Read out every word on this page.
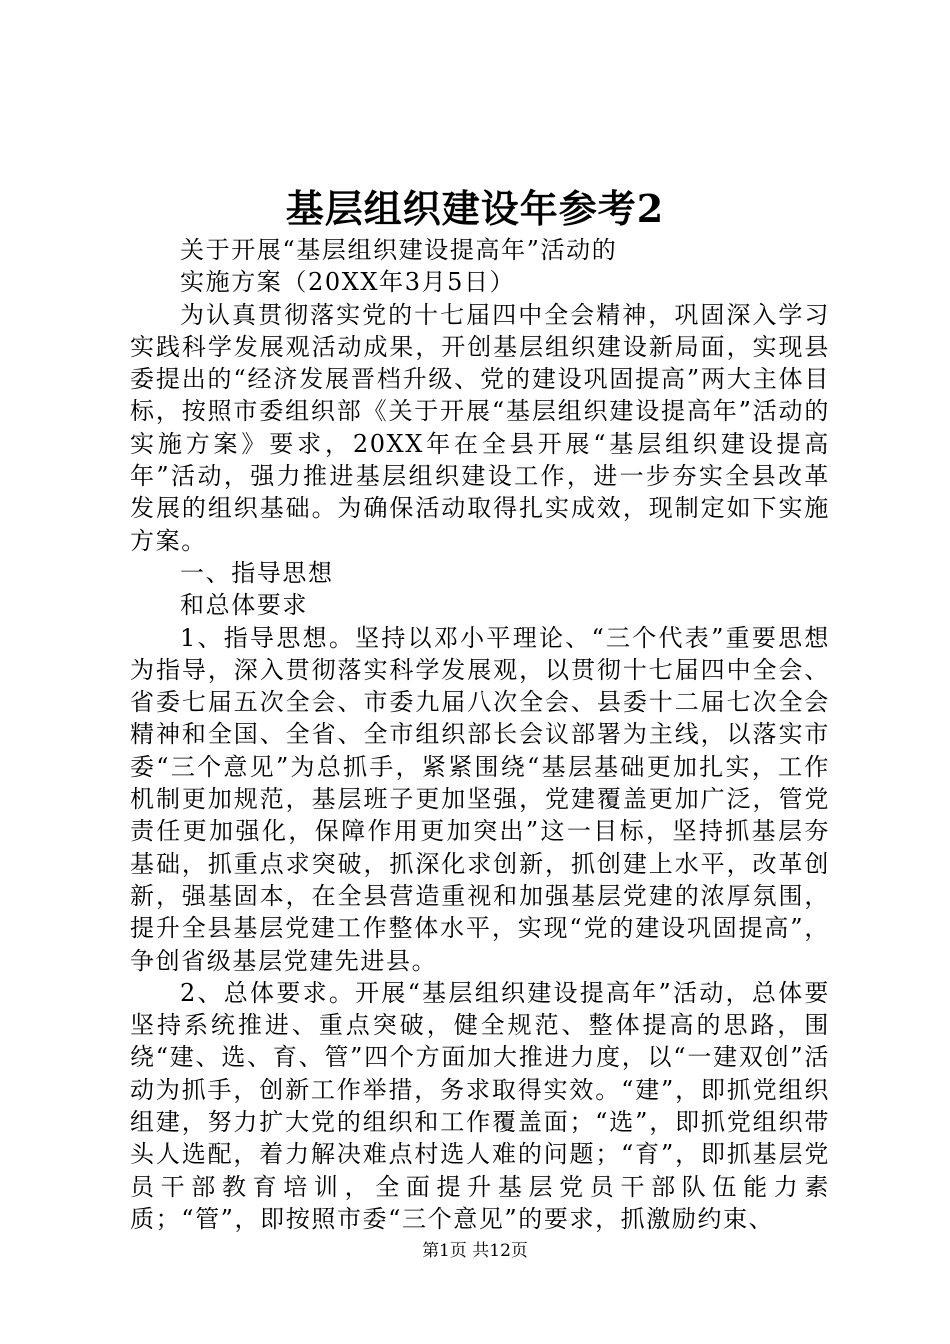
基层组织建设年参考2

关于开展“基层组织建设提高年”活动的

实施方案（20XX年3月5日）

为认真贯彻落实党的十七届四中全会精神，巩固深入学习实践科学发展观活动成果，开创基层组织建设新局面，实现县委提出的“经济发展晋档升级、党的建设巩固提高”两大主体目标，按照市委组织部《关于开展“基层组织建设提高年”活动的实施方案》要求，20XX年在全县开展“基层组织建设提高年”活动，强力推进基层组织建设工作，进一步夯实全县改革发展的组织基础。为确保活动取得扎实成效，现制定如下实施方案。

一、指导思想

和总体要求

1、指导思想。坚持以邓小平理论、“三个代表”重要思想为指导，深入贯彻落实科学发展观，以贯彻十七届四中全会、省委七届五次全会、市委九届八次全会、县委十二届七次全会精神和全国、全省、全市组织部长会议部署为主线，以落实市委“三个意见”为总抓手，紧紧围绕“基层基础更加扎实，工作机制更加规范，基层班子更加坚强，党建覆盖更加广泛，管党责任更加强化，保障作用更加突出”这一目标，坚持抓基层夯基础，抓重点求突破，抓深化求创新，抓创建上水平，改革创新，强基固本，在全县营造重视和加强基层党建的浓厚氛围，提升全县基层党建工作整体水平，实现“党的建设巩固提高”，争创省级基层党建先进县。

2、总体要求。开展“基层组织建设提高年”活动，总体要坚持系统推进、重点突破，健全规范、整体提高的思路，围绕“建、选、育、管”四个方面加大推进力度，以“一建双创”活动为抓手，创新工作举措，务求取得实效。“建”，即抓党组织组建，努力扩大党的组织和工作覆盖面；“选”，即抓党组织带头人选配，着力解决难点村选人难的问题；“育”，即抓基层党员干部教育培训，全面提升基层党员干部队伍能力素质；“管”，即按照市委“三个意见”的要求，抓激励约束、

第1页 共12页
